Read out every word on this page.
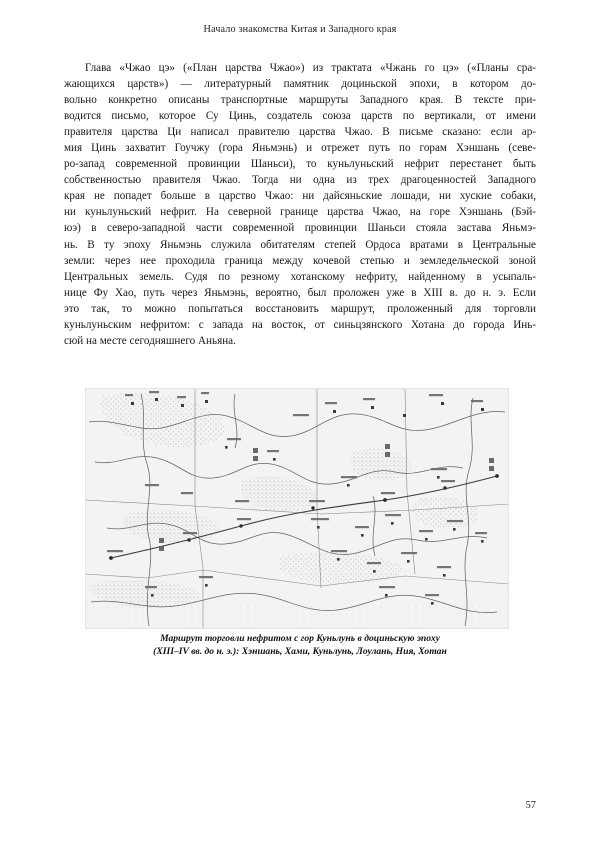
Начало знакомства Китая и Западного края
Глава «Чжао цэ» («План царства Чжао») из трактата «Чжань го цэ» («Планы сра-
жающихся царств») — литературный памятник доциньской эпохи, в котором до-
вольно конкретно описаны транспортные маршруты Западного края. В тексте при-
водится письмо, которое Су Цинь, создатель союза царств по вертикали, от имени
правителя царства Ци написал правителю царства Чжао. В письме сказано: если ар-
мия Цинь захватит Гоучжу (гора Яньмэнь) и отрежет путь по горам Хэншань (севе-
ро-запад современной провинции Шаньси), то куньлуньский нефрит перестанет быть
собственностью правителя Чжао. Тогда ни одна из трех драгоценностей Западного
края не попадет больше в царство Чжао: ни дайсяньские лошади, ни хуские собаки,
ни куньлуньский нефрит. На северной границе царства Чжао, на горе Хэншань (Бэй-
юэ) в северо-западной части современной провинции Шаньси стояла застава Яньмэ-
нь. В ту эпоху Яньмэнь служила обитателям степей Ордоса вратами в Центральные
земли: через нее проходила граница между кочевой степью и земледельческой зоной
Центральных земель. Судя по резному хотанскому нефриту, найденному в усыпаль-
нице Фу Хао, путь через Яньмэнь, вероятно, был проложен уже в XIII в. до н. э. Если
это так, то можно попытаться восстановить маршрут, проложенный для торговли
куньлуньским нефритом: с запада на восток, от синьцзянского Хотана до города Инь-
сюй на месте сегодняшнего Аньяна.
Маршрут торговли нефритом с гор Куньлунь в доциньскую эпоху
(XIII–IV вв. до н. э.): Хэншань, Хами, Куньлунь, Лоулань, Ния, Хотан
57
